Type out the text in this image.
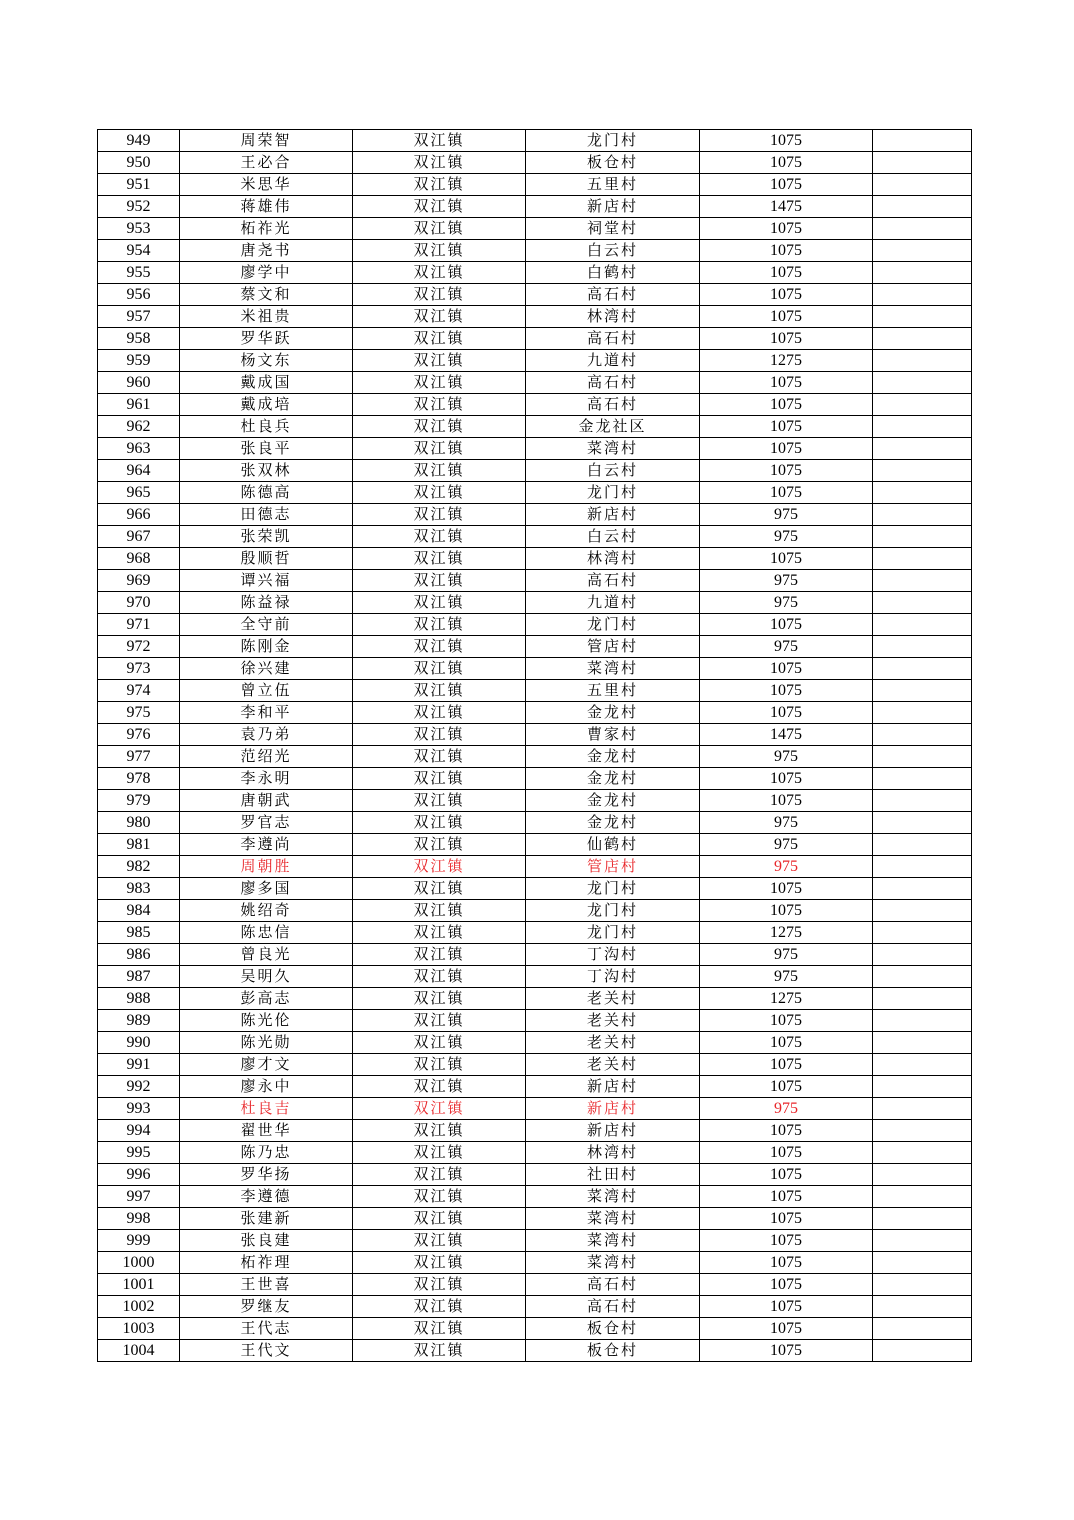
949	周荣智	双江镇	龙门村	1075	
950	王必合	双江镇	板仓村	1075	
951	米思华	双江镇	五里村	1075	
952	蒋雄伟	双江镇	新店村	1475	
953	柘祚光	双江镇	祠堂村	1075	
954	唐尧书	双江镇	白云村	1075	
955	廖学中	双江镇	白鹤村	1075	
956	蔡文和	双江镇	高石村	1075	
957	米祖贵	双江镇	林湾村	1075	
958	罗华跃	双江镇	高石村	1075	
959	杨文东	双江镇	九道村	1275	
960	戴成国	双江镇	高石村	1075	
961	戴成培	双江镇	高石村	1075	
962	杜良兵	双江镇	金龙社区	1075	
963	张良平	双江镇	菜湾村	1075	
964	张双林	双江镇	白云村	1075	
965	陈德高	双江镇	龙门村	1075	
966	田德志	双江镇	新店村	975	
967	张荣凯	双江镇	白云村	975	
968	殷顺哲	双江镇	林湾村	1075	
969	谭兴福	双江镇	高石村	975	
970	陈益禄	双江镇	九道村	975	
971	全守前	双江镇	龙门村	1075	
972	陈刚金	双江镇	管店村	975	
973	徐兴建	双江镇	菜湾村	1075	
974	曾立伍	双江镇	五里村	1075	
975	李和平	双江镇	金龙村	1075	
976	袁乃弟	双江镇	曹家村	1475	
977	范绍光	双江镇	金龙村	975	
978	李永明	双江镇	金龙村	1075	
979	唐朝武	双江镇	金龙村	1075	
980	罗官志	双江镇	金龙村	975	
981	李遵尚	双江镇	仙鹤村	975	
982	周朝胜	双江镇	管店村	975	
983	廖多国	双江镇	龙门村	1075	
984	姚绍奇	双江镇	龙门村	1075	
985	陈忠信	双江镇	龙门村	1275	
986	曾良光	双江镇	丁沟村	975	
987	吴明久	双江镇	丁沟村	975	
988	彭高志	双江镇	老关村	1275	
989	陈光伦	双江镇	老关村	1075	
990	陈光勋	双江镇	老关村	1075	
991	廖才文	双江镇	老关村	1075	
992	廖永中	双江镇	新店村	1075	
993	杜良吉	双江镇	新店村	975	
994	翟世华	双江镇	新店村	1075	
995	陈乃忠	双江镇	林湾村	1075	
996	罗华扬	双江镇	社田村	1075	
997	李遵德	双江镇	菜湾村	1075	
998	张建新	双江镇	菜湾村	1075	
999	张良建	双江镇	菜湾村	1075	
1000	柘祚理	双江镇	菜湾村	1075	
1001	王世喜	双江镇	高石村	1075	
1002	罗继友	双江镇	高石村	1075	
1003	王代志	双江镇	板仓村	1075	
1004	王代文	双江镇	板仓村	1075	
